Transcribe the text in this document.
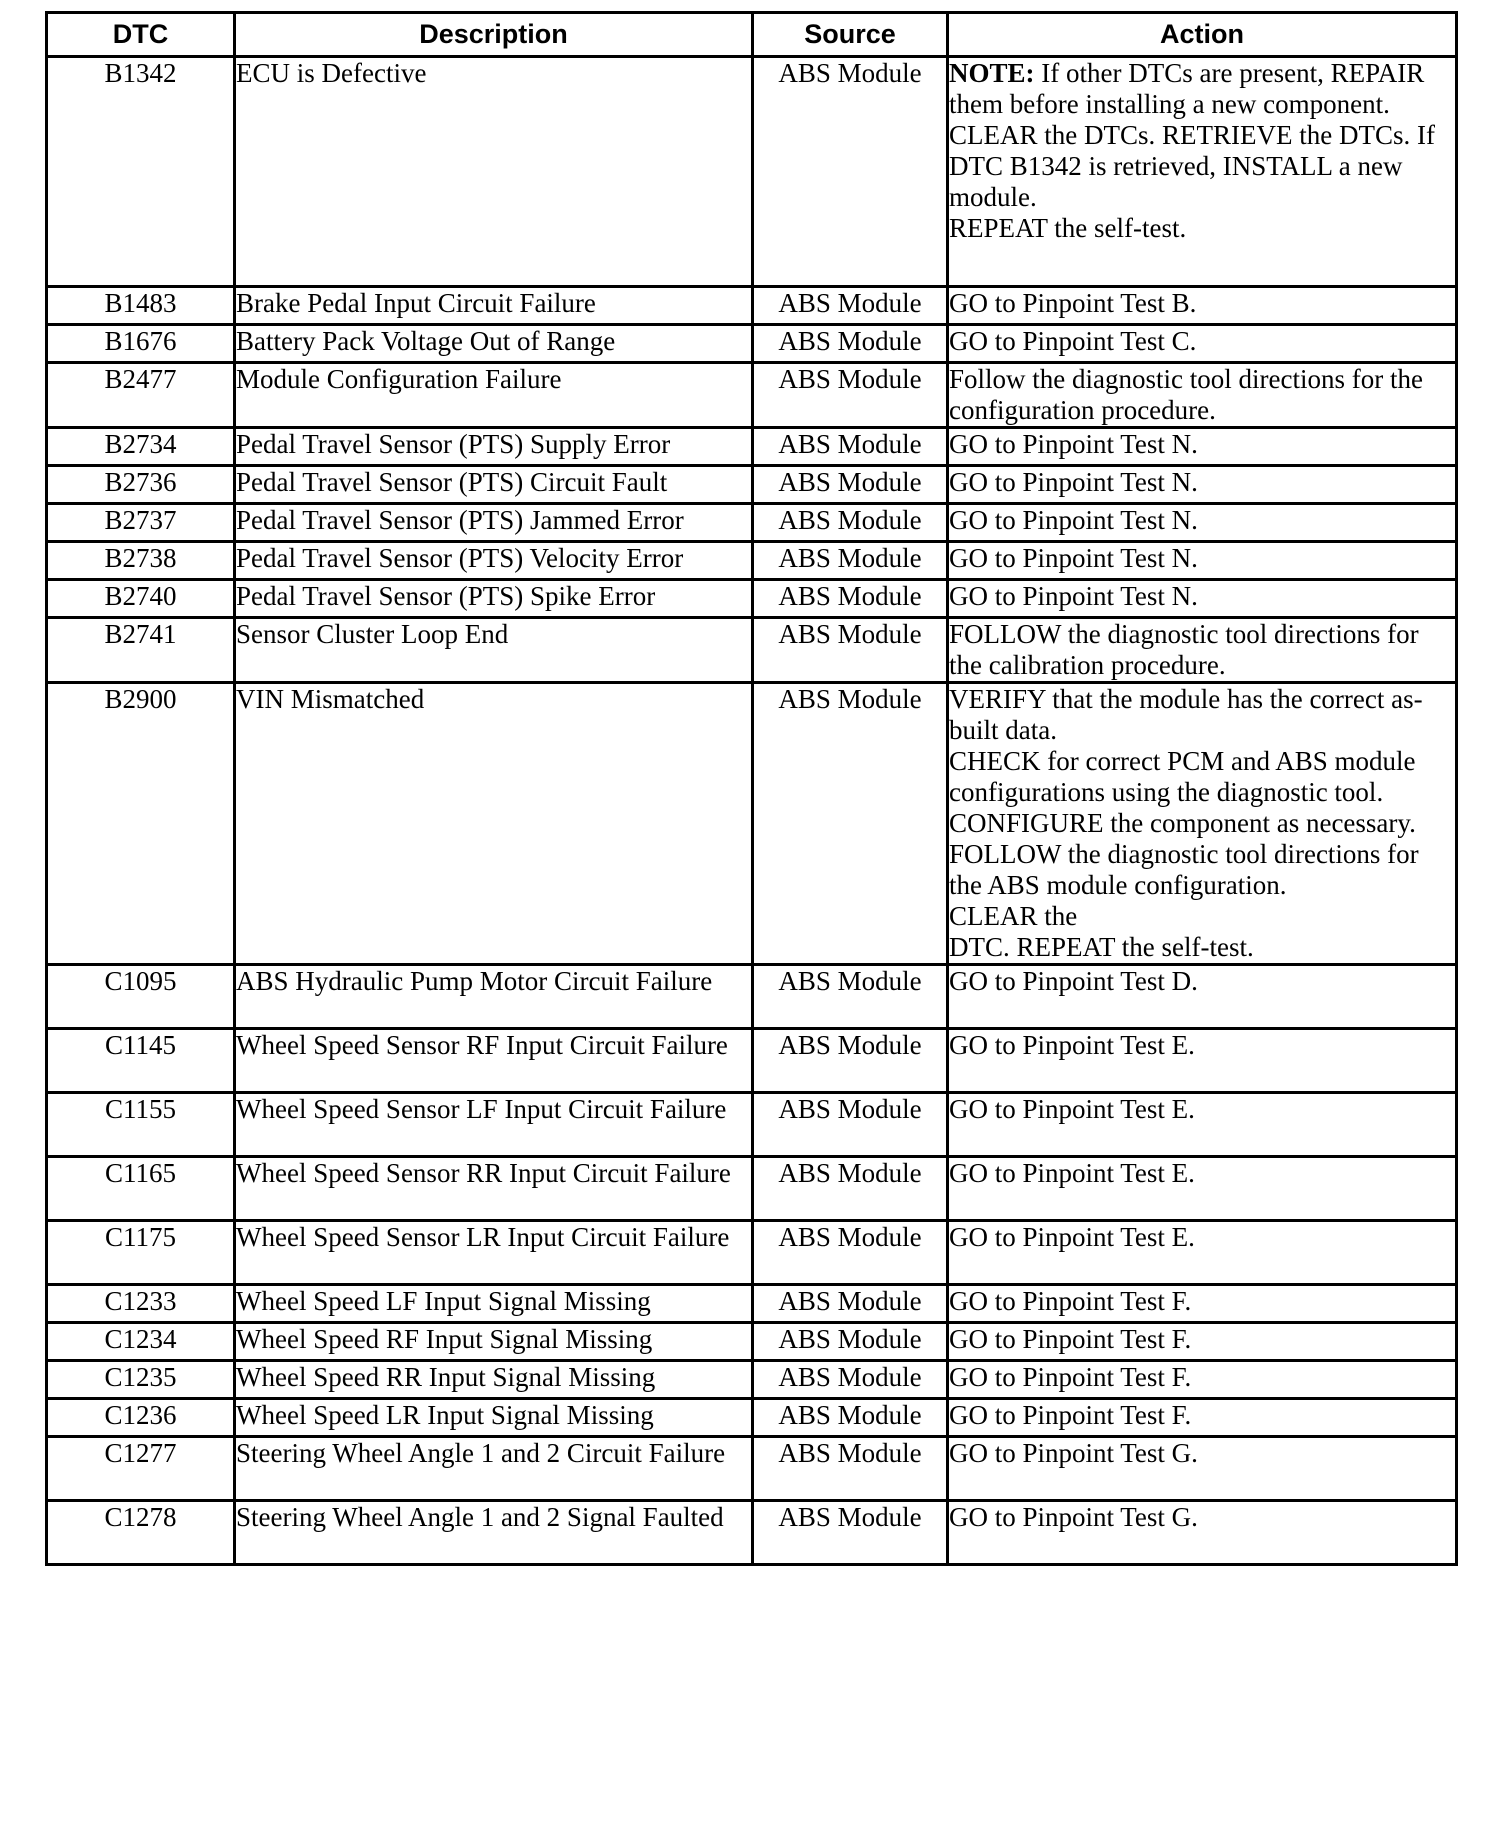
DTC	Description	Source	Action
B1342	ECU is Defective	ABS Module	NOTE: If other DTCs are present, REPAIR them before installing a new component.
CLEAR the DTCs. RETRIEVE the DTCs. If DTC B1342 is retrieved, INSTALL a new module.
REPEAT the self-test.

B1483	Brake Pedal Input Circuit Failure	ABS Module	GO to Pinpoint Test B.

B1676	Battery Pack Voltage Out of Range	ABS Module	GO to Pinpoint Test C.

B2477	Module Configuration Failure	ABS Module	Follow the diagnostic tool directions for the configuration procedure.

B2734	Pedal Travel Sensor (PTS) Supply Error	ABS Module	GO to Pinpoint Test N.

B2736	Pedal Travel Sensor (PTS) Circuit Fault	ABS Module	GO to Pinpoint Test N.

B2737	Pedal Travel Sensor (PTS) Jammed Error	ABS Module	GO to Pinpoint Test N.

B2738	Pedal Travel Sensor (PTS) Velocity Error	ABS Module	GO to Pinpoint Test N.

B2740	Pedal Travel Sensor (PTS) Spike Error	ABS Module	GO to Pinpoint Test N.

B2741	Sensor Cluster Loop End	ABS Module	FOLLOW the diagnostic tool directions for the calibration procedure.

B2900	VIN Mismatched	ABS Module	VERIFY that the module has the correct as-built data.
CHECK for correct PCM and ABS module configurations using the diagnostic tool. CONFIGURE the component as necessary. FOLLOW the diagnostic tool directions for the ABS module configuration.
CLEAR the
DTC. REPEAT the self-test.

C1095	ABS Hydraulic Pump Motor Circuit Failure	ABS Module	GO to Pinpoint Test D.

C1145	Wheel Speed Sensor RF Input Circuit Failure	ABS Module	GO to Pinpoint Test E.

C1155	Wheel Speed Sensor LF Input Circuit Failure	ABS Module	GO to Pinpoint Test E.

C1165	Wheel Speed Sensor RR Input Circuit Failure	ABS Module	GO to Pinpoint Test E.

C1175	Wheel Speed Sensor LR Input Circuit Failure	ABS Module	GO to Pinpoint Test E.

C1233	Wheel Speed LF Input Signal Missing	ABS Module	GO to Pinpoint Test F.

C1234	Wheel Speed RF Input Signal Missing	ABS Module	GO to Pinpoint Test F.

C1235	Wheel Speed RR Input Signal Missing	ABS Module	GO to Pinpoint Test F.

C1236	Wheel Speed LR Input Signal Missing	ABS Module	GO to Pinpoint Test F.

C1277	Steering Wheel Angle 1 and 2 Circuit Failure	ABS Module	GO to Pinpoint Test G.

C1278	Steering Wheel Angle 1 and 2 Signal Faulted	ABS Module	GO to Pinpoint Test G.
